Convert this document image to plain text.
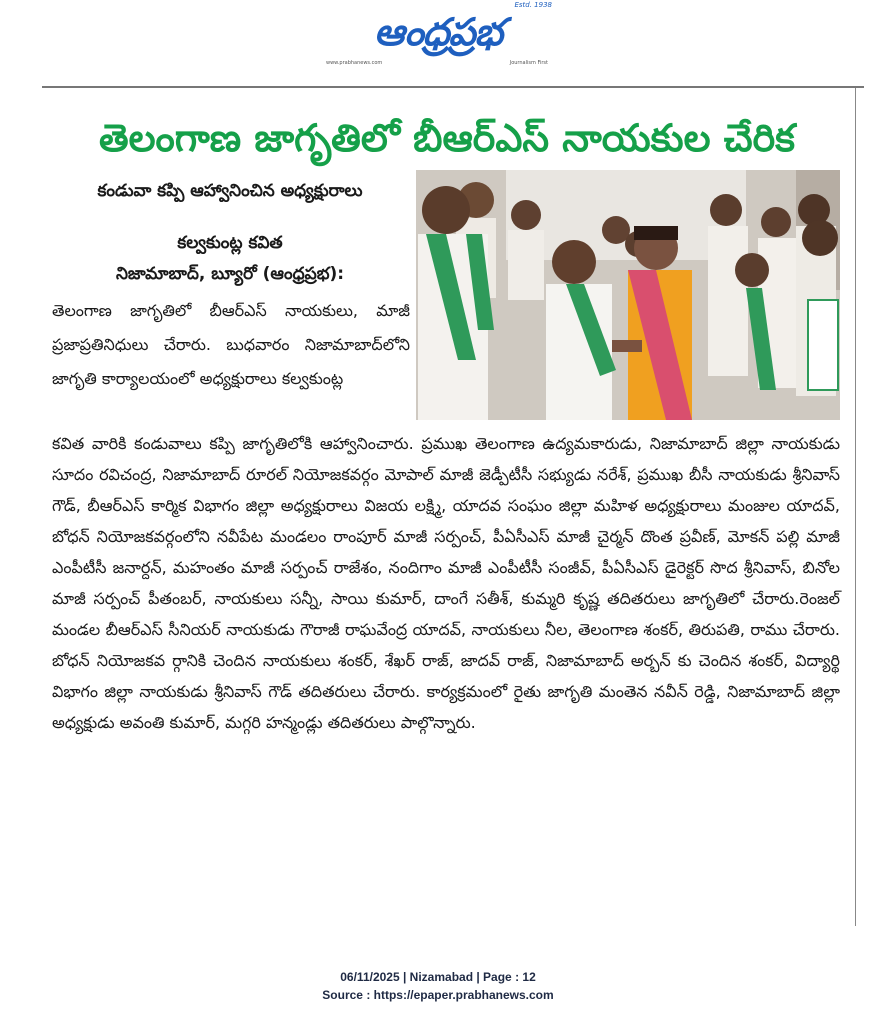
ఆంధ్రప్రభ
Estd. 1938
www.prabhanews.com	Journalism First
తెలంగాణ జాగృతిలో బీఆర్ఎస్ నాయకుల చేరిక
కండువా కప్పి ఆహ్వానించిన అధ్యక్షురాలు
కల్వకుంట్ల కవిత
నిజామాబాద్, బ్యూరో (ఆంధ్రప్రభ):
తెలంగాణ జాగృతిలో బీఆర్ఎస్ నాయకులు, మాజీ ప్రజాప్రతినిధులు చేరారు. బుధవారం నిజామాబాద్‌లోని జాగృతి కార్యాలయంలో అధ్యక్షురాలు కల్వకుంట్ల
కవిత వారికి కండువాలు కప్పి జాగృతిలోకి ఆహ్వానించారు. ప్రముఖ తెలంగాణ ఉద్యమకారుడు, నిజామాబాద్ జిల్లా నాయకుడు సూదం రవిచంద్ర, నిజామాబాద్ రూరల్ నియోజకవర్గం మోపాల్ మాజీ జెడ్పీటీసీ సభ్యుడు నరేశ్, ప్రముఖ బీసీ నాయకుడు శ్రీనివాస్ గౌడ్, బీఆర్ఎస్ కార్మిక విభాగం జిల్లా అధ్యక్షురాలు విజయ లక్ష్మి, యాదవ సంఘం జిల్లా మహిళ అధ్యక్షురాలు మంజుల యాదవ్, బోధన్ నియోజకవర్గంలోని నవీపేట మండలం రాంపూర్ మాజీ సర్పంచ్, పీఏసీఎస్ మాజీ చైర్మన్ దొంత ప్రవీణ్, మోకన్ పల్లి మాజీ ఎంపీటీసీ జనార్దన్, మహంతం మాజీ సర్పంచ్ రాజేశం, నందిగాం మాజీ ఎంపీటీసీ సంజీవ్, పీఏసీఎస్ డైరెక్టర్ సొద శ్రీనివాస్, బినోల మాజీ సర్పంచ్ పీతంబర్, నాయకులు సన్నీ, సాయి కుమార్, దాంగే సతీశ్, కుమ్మరి కృష్ణ తదితరులు జాగృతిలో చేరారు.రెంజల్ మండల బీఆర్ఎస్ సీనియర్ నాయకుడు గౌరాజీ రాఘవేంద్ర యాదవ్, నాయకులు నీల, తెలంగాణ శంకర్, తిరుపతి, రాము చేరారు. బోధన్ నియోజకవ ర్గానికి చెందిన నాయకులు శంకర్, శేఖర్ రాజ్, జాదవ్ రాజ్, నిజామాబాద్ అర్బన్ కు చెందిన శంకర్, విద్యార్థి విభాగం జిల్లా నాయకుడు శ్రీనివాస్ గౌడ్ తదితరులు చేరారు. కార్యక్రమంలో రైతు జాగృతి మంతెన నవీన్ రెడ్డి, నిజామాబాద్ జిల్లా అధ్యక్షుడు అవంతి కుమార్, మగ్గరి హన్మండ్లు తదితరులు పాల్గొన్నారు.
06/11/2025 | Nizamabad | Page : 12
Source : https://epaper.prabhanews.com
